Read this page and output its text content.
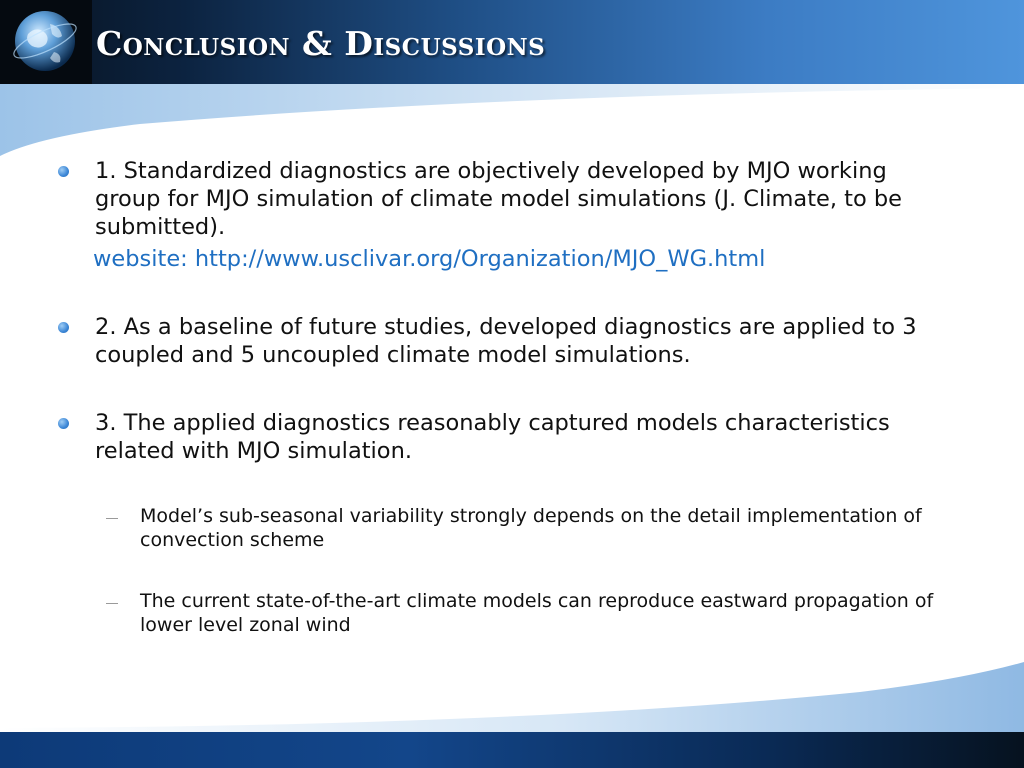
Conclusion & Discussions
1. Standardized diagnostics are objectively developed by MJO working group for MJO simulation of climate model simulations (J. Climate, to be submitted).
website: http://www.usclivar.org/Organization/MJO_WG.html
2. As a baseline of future studies, developed diagnostics are applied to 3 coupled and 5 uncoupled climate model simulations.
3. The applied diagnostics reasonably captured models characteristics related with MJO simulation.
Model’s sub-seasonal variability strongly depends on the detail implementation of convection scheme
The current state-of-the-art climate models can reproduce eastward propagation of lower level zonal wind
